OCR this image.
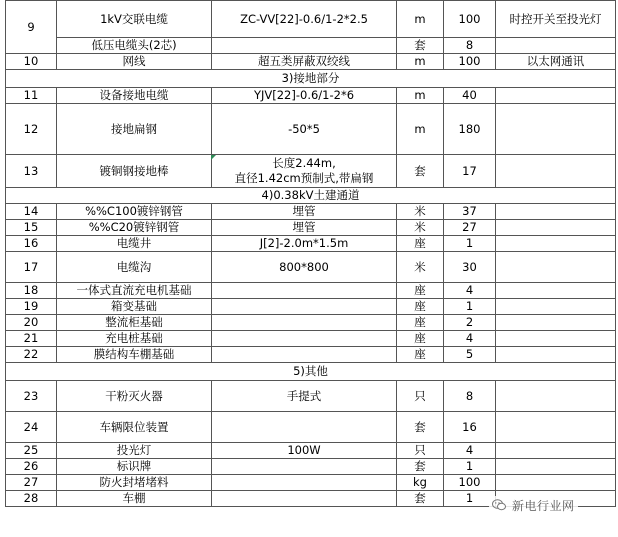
9	1kV交联电缆	ZC-VV[22]-0.6/1-2*2.5	m	100	时控开关至投光灯
	低压电缆头(2芯)		套	8	
10	网线	超五类屏蔽双绞线	m	100	以太网通讯
3)接地部分					
11	设备接地电缆	YJV[22]-0.6/1-2*6	m	40	
12	接地扁钢	-50*5	m	180	
13	镀铜钢接地棒	长度2.44m,
直径1.42cm预制式,带扁钢	套	17	
4)0.38kV土建通道					
14	%%C100镀锌钢管	埋管	米	37	
15	%%C20镀锌钢管	埋管	米	27	
16	电缆井	J[2]-2.0m*1.5m	座	1	
17	电缆沟	800*800	米	30	
18	一体式直流充电机基础		座	4	
19	箱变基础		座	1	
20	整流柜基础		座	2	
21	充电桩基础		座	4	
22	膜结构车棚基础		座	5	
5)其他					
23	干粉灭火器	手提式	只	8	
24	车辆限位装置		套	16	
25	投光灯	100W	只	4	
26	标识牌		套	1	
27	防火封堵堵料		kg	100	
28	车棚		套	1	
新电行业网
